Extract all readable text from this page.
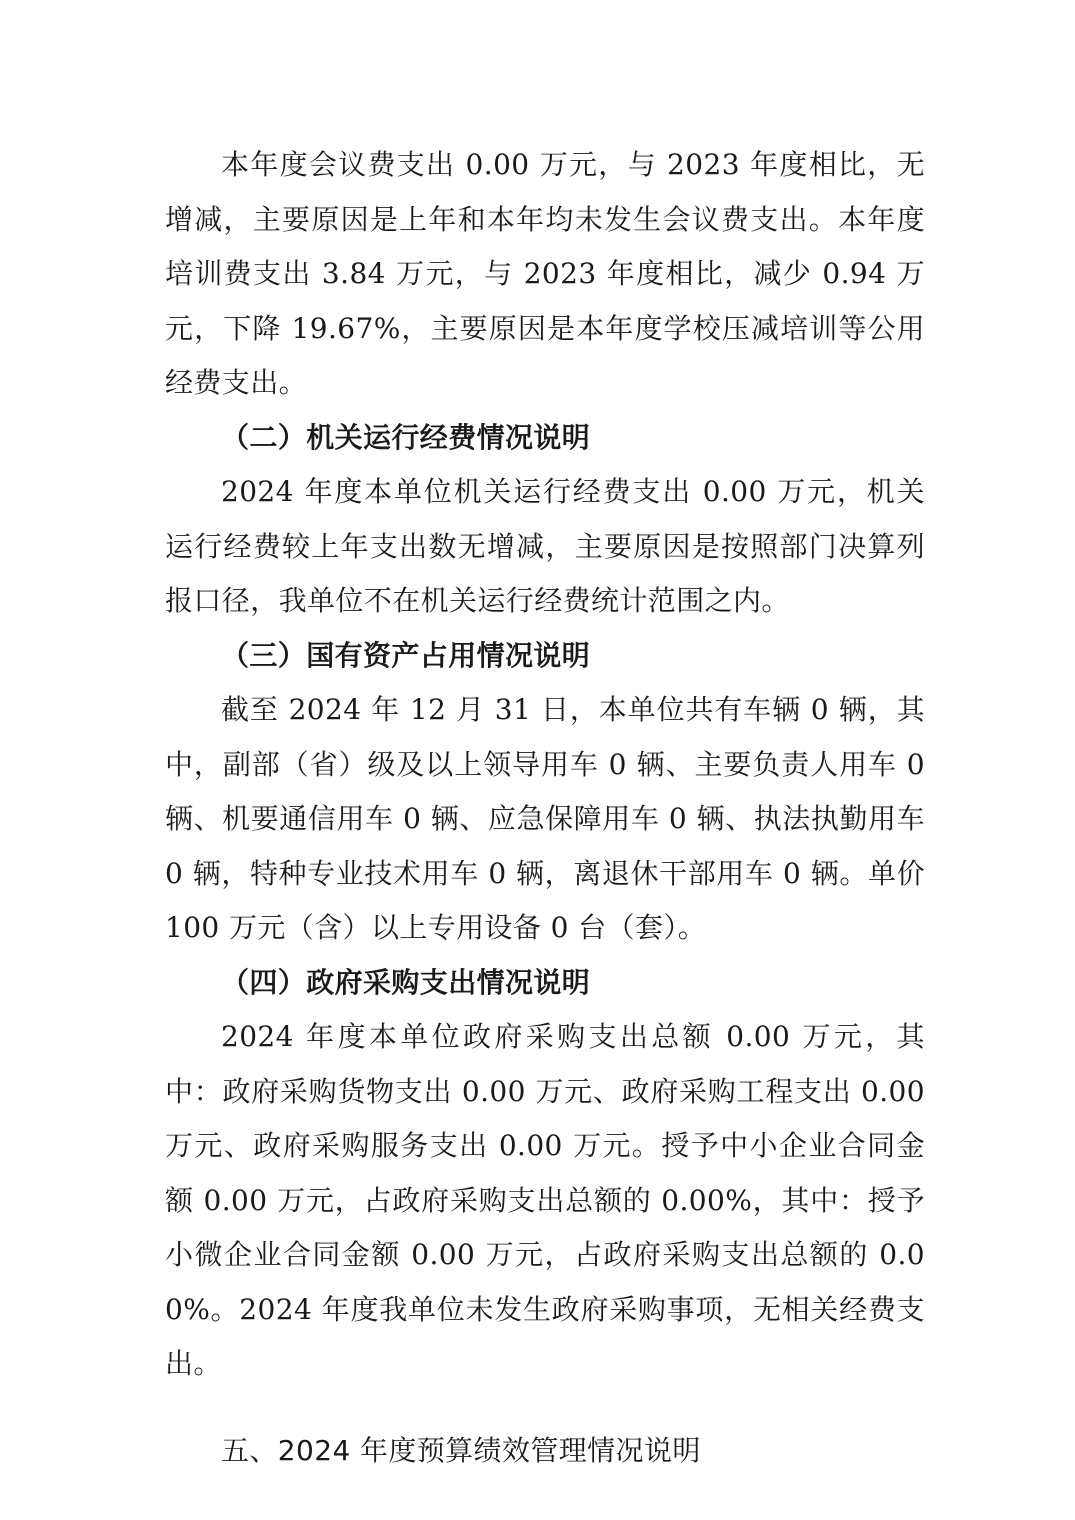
本年度会议费支出 0.00 万元，与 2023 年度相比，无增减，主要原因是上年和本年均未发生会议费支出。本年度培训费支出 3.84 万元，与 2023 年度相比，减少 0.94 万元，下降 19.67%，主要原因是本年度学校压减培训等公用经费支出。

（二）机关运行经费情况说明

2024 年度本单位机关运行经费支出 0.00 万元，机关运行经费较上年支出数无增减，主要原因是按照部门决算列报口径，我单位不在机关运行经费统计范围之内。

（三）国有资产占用情况说明

截至 2024 年 12 月 31 日，本单位共有车辆 0 辆，其中，副部（省）级及以上领导用车 0 辆、主要负责人用车 0 辆、机要通信用车 0 辆、应急保障用车 0 辆、执法执勤用车 0 辆，特种专业技术用车 0 辆，离退休干部用车 0 辆。单价 100 万元（含）以上专用设备 0 台（套）。

（四）政府采购支出情况说明

2024 年度本单位政府采购支出总额 0.00 万元，其中：政府采购货物支出 0.00 万元、政府采购工程支出 0.00 万元、政府采购服务支出 0.00 万元。授予中小企业合同金额 0.00 万元，占政府采购支出总额的 0.00%，其中：授予小微企业合同金额 0.00 万元，占政府采购支出总额的 0.00%。2024 年度我单位未发生政府采购事项，无相关经费支出。

五、2024 年度预算绩效管理情况说明
